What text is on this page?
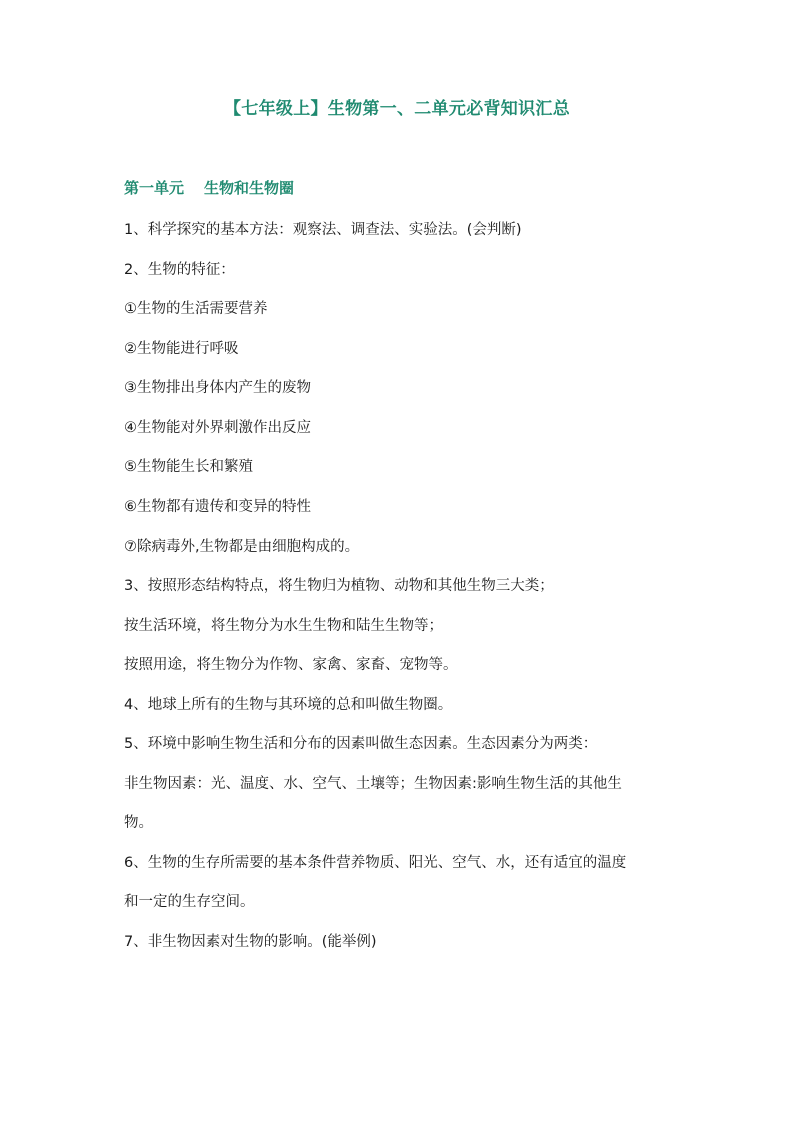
【七年级上】生物第一、二单元必背知识汇总
第一单元 生物和生物圈
1、科学探究的基本方法：观察法、调查法、实验法。(会判断)
2、生物的特征：
①生物的生活需要营养
②生物能进行呼吸
③生物排出身体内产生的废物
④生物能对外界刺激作出反应
⑤生物能生长和繁殖
⑥生物都有遗传和变异的特性
⑦除病毒外,生物都是由细胞构成的。
3、按照形态结构特点，将生物归为植物、动物和其他生物三大类；
按生活环境，将生物分为水生生物和陆生生物等；
按照用途，将生物分为作物、家禽、家畜、宠物等。
4、地球上所有的生物与其环境的总和叫做生物圈。
5、环境中影响生物生活和分布的因素叫做生态因素。生态因素分为两类：
非生物因素：光、温度、水、空气、土壤等；生物因素:影响生物生活的其他生
物。
6、生物的生存所需要的基本条件营养物质、阳光、空气、水，还有适宜的温度
和一定的生存空间。
7、非生物因素对生物的影响。(能举例)
